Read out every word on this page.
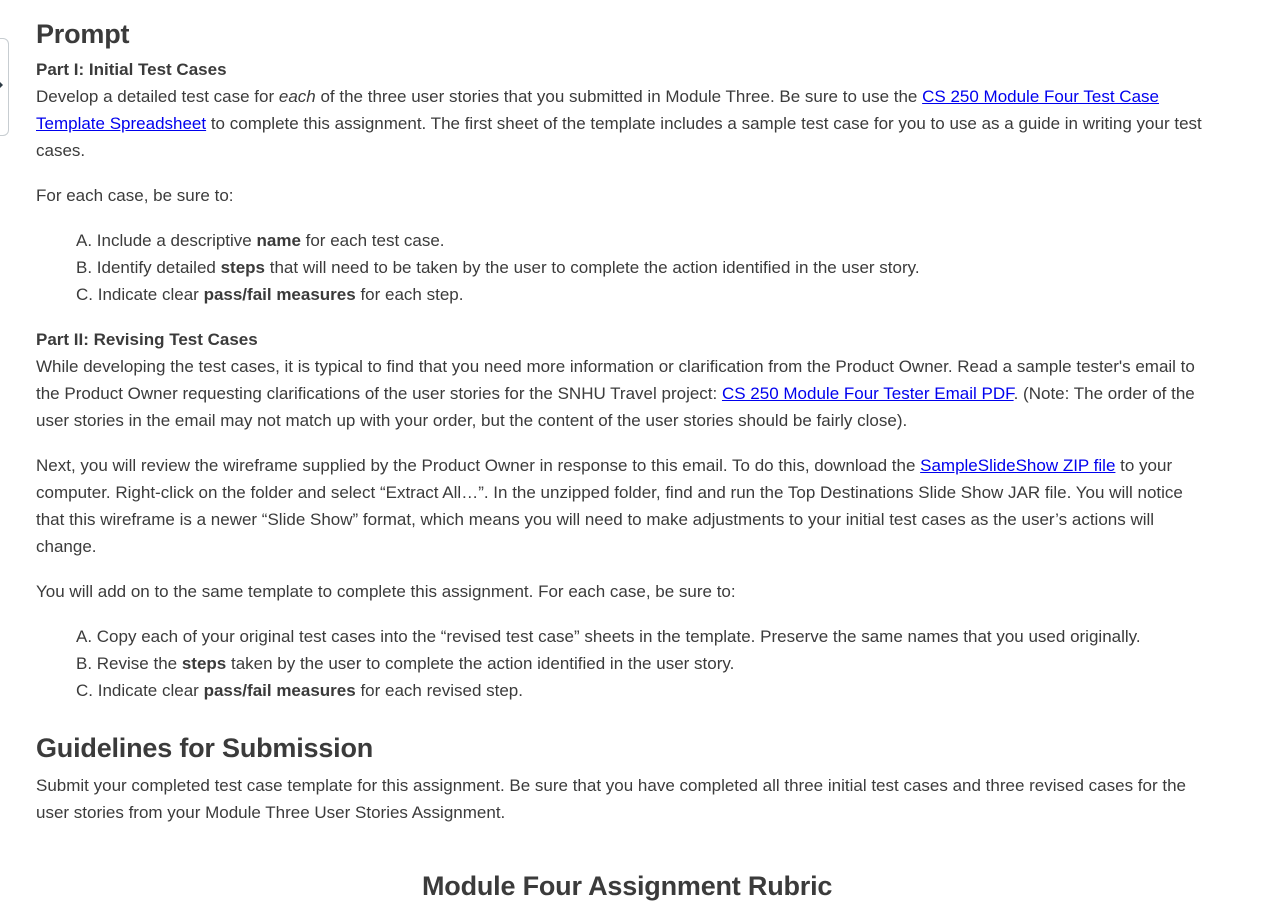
Prompt

Part I: Initial Test Cases

Develop a detailed test case for each of the three user stories that you submitted in Module Three. Be sure to use the CS 250 Module Four Test Case Template Spreadsheet to complete this assignment. The first sheet of the template includes a sample test case for you to use as a guide in writing your test cases.

For each case, be sure to:

A. Include a descriptive name for each test case.
B. Identify detailed steps that will need to be taken by the user to complete the action identified in the user story.
C. Indicate clear pass/fail measures for each step.

Part II: Revising Test Cases

While developing the test cases, it is typical to find that you need more information or clarification from the Product Owner. Read a sample tester's email to the Product Owner requesting clarifications of the user stories for the SNHU Travel project: CS 250 Module Four Tester Email PDF. (Note: The order of the user stories in the email may not match up with your order, but the content of the user stories should be fairly close).

Next, you will review the wireframe supplied by the Product Owner in response to this email. To do this, download the SampleSlideShow ZIP file to your computer. Right-click on the folder and select “Extract All…”. In the unzipped folder, find and run the Top Destinations Slide Show JAR file. You will notice that this wireframe is a newer “Slide Show” format, which means you will need to make adjustments to your initial test cases as the user’s actions will change.

You will add on to the same template to complete this assignment. For each case, be sure to:

A. Copy each of your original test cases into the “revised test case” sheets in the template. Preserve the same names that you used originally.
B. Revise the steps taken by the user to complete the action identified in the user story.
C. Indicate clear pass/fail measures for each revised step.
Guidelines for Submission

Submit your completed test case template for this assignment. Be sure that you have completed all three initial test cases and three revised cases for the user stories from your Module Three User Stories Assignment.

Module Four Assignment Rubric
